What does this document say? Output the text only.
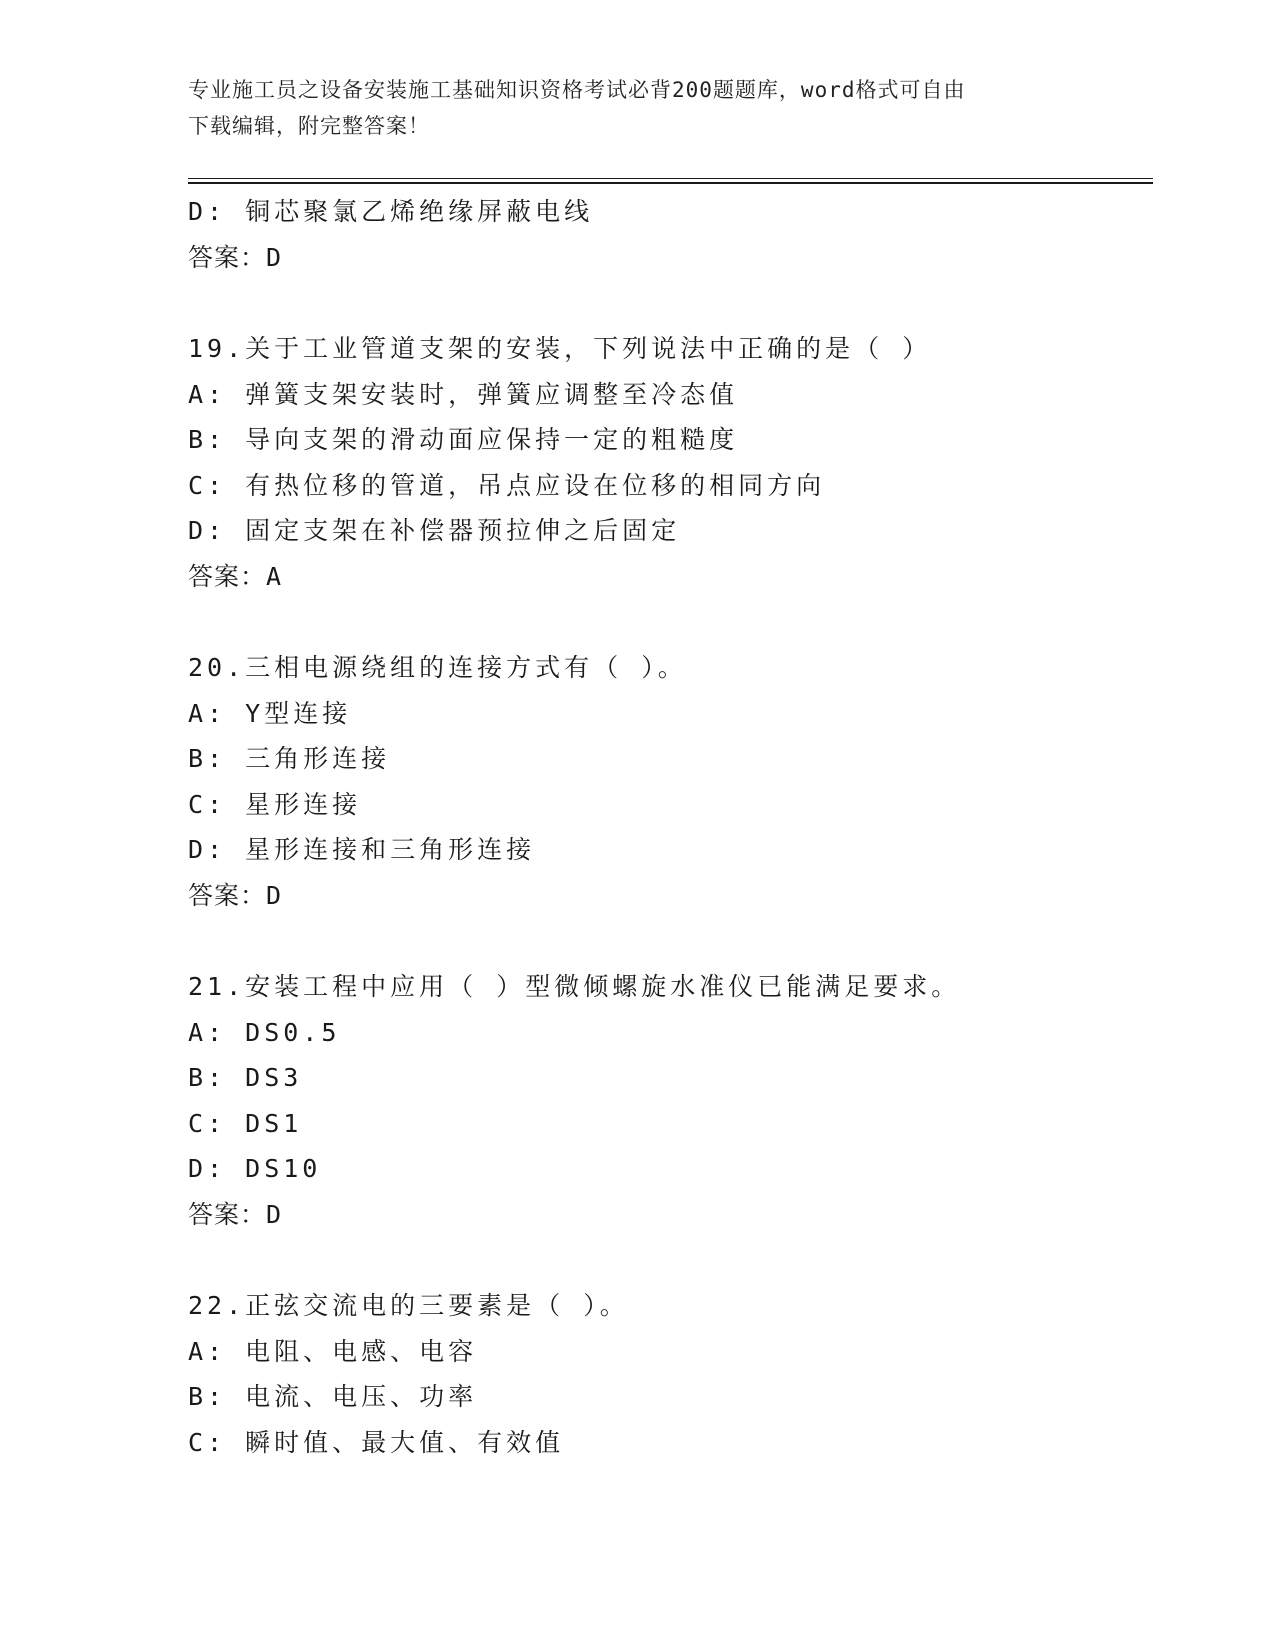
专业施工员之设备安装施工基础知识资格考试必背200题题库，word格式可自由
下载编辑，附完整答案！
D: 铜芯聚氯乙烯绝缘屏蔽电线
答案：D
19.关于工业管道支架的安装，下列说法中正确的是（ ）
A: 弹簧支架安装时，弹簧应调整至冷态值
B: 导向支架的滑动面应保持一定的粗糙度
C: 有热位移的管道，吊点应设在位移的相同方向
D: 固定支架在补偿器预拉伸之后固定
答案：A
20.三相电源绕组的连接方式有（ ）。
A: Y型连接
B: 三角形连接
C: 星形连接
D: 星形连接和三角形连接
答案：D
21.安装工程中应用（ ）型微倾螺旋水准仪已能满足要求。
A: DS0.5
B: DS3
C: DS1
D: DS10
答案：D
22.正弦交流电的三要素是（ ）。
A: 电阻、电感、电容
B: 电流、电压、功率
C: 瞬时值、最大值、有效值
